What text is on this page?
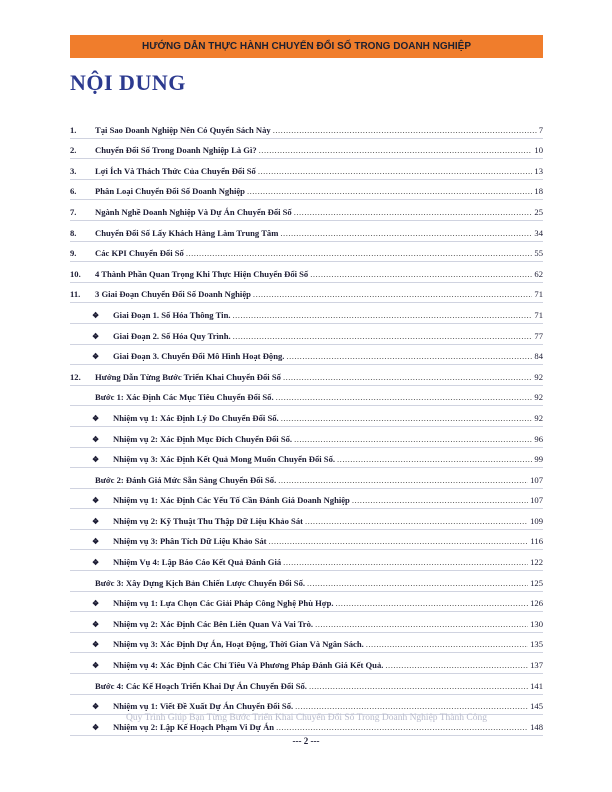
HƯỚNG DẪN THỰC HÀNH CHUYỂN ĐỔI SỐ TRONG DOANH NGHIỆP
NỘI DUNG
1.	Tại Sao Doanh Nghiệp Nên Có Quyển Sách Này .....	7
2.	Chuyển Đổi Số Trong Doanh Nghiệp Là Gì? .....	10
3.	Lợi Ích Và Thách Thức Của Chuyển Đổi Số .....	13
6.	Phân Loại Chuyển Đổi Số Doanh Nghiệp .....	18
7.	Ngành Nghề Doanh Nghiệp Và Dự Án Chuyển Đổi Số .....	25
8.	Chuyển Đổi Số Lấy Khách Hàng Làm Trung Tâm .....	34
9.	Các KPI Chuyển Đổi Số .....	55
10.	4 Thành Phần Quan Trọng Khi Thực Hiện Chuyển Đổi Số .....	62
11.	3 Giai Đoạn Chuyển Đổi Số Doanh Nghiệp .....	71
❖	Giai Đoạn 1. Số Hóa Thông Tin. .....	71
❖	Giai Đoạn 2. Số Hóa Quy Trình. .....	77
❖	Giai Đoạn 3. Chuyển Đổi Mô Hình Hoạt Động. .....	84
12.	Hướng Dẫn Từng Bước Triển Khai Chuyển Đổi Số .....	92
Bước 1: Xác Định Các Mục Tiêu Chuyển Đổi Số. .....	92
❖	Nhiệm vụ 1: Xác Định Lý Do Chuyển Đổi Số. .....	92
❖	Nhiệm vụ 2: Xác Định Mục Đích Chuyển Đổi Số. .....	96
❖	Nhiệm vụ 3: Xác Định Kết Quả Mong Muốn Chuyển Đổi Số. .....	99
Bước 2: Đánh Giá Mức Sẵn Sàng Chuyển Đổi Số. .....	107
❖	Nhiệm vụ 1: Xác Định Các Yếu Tố Cần Đánh Giá Doanh Nghiệp .....	107
❖	Nhiệm vụ 2: Kỹ Thuật Thu Thập Dữ Liệu Khảo Sát .....	109
❖	Nhiệm vụ 3: Phân Tích Dữ Liệu Khảo Sát .....	116
❖	Nhiệm Vụ 4: Lập Báo Cáo Kết Quả Đánh Giá .....	122
Bước 3: Xây Dựng Kịch Bản Chiến Lược Chuyển Đổi Số. .....	125
❖	Nhiệm vụ 1: Lựa Chọn Các Giải Pháp Công Nghệ Phù Hợp. .....	126
❖	Nhiệm vụ 2: Xác Định Các Bên Liên Quan Và Vai Trò. .....	130
❖	Nhiệm vụ 3: Xác Định Dự Án, Hoạt Động, Thời Gian Và Ngân Sách. .....	135
❖	Nhiệm vụ 4: Xác Định Các Chỉ Tiêu Và Phương Pháp Đánh Giá Kết Quả. .....	137
Bước 4: Các Kế Hoạch Triển Khai Dự Án Chuyển Đổi Số. .....	141
❖	Nhiệm vụ 1: Viết Đề Xuất Dự Án Chuyển Đổi Số. .....	145
❖	Nhiệm vụ 2: Lập Kế Hoạch Phạm Vi Dự Án .....	148
Quy Trình Giúp Bạn Từng Bước Triển Khai Chuyển Đổi Số Trong Doanh Nghiệp Thành Công
--- 2 ---
